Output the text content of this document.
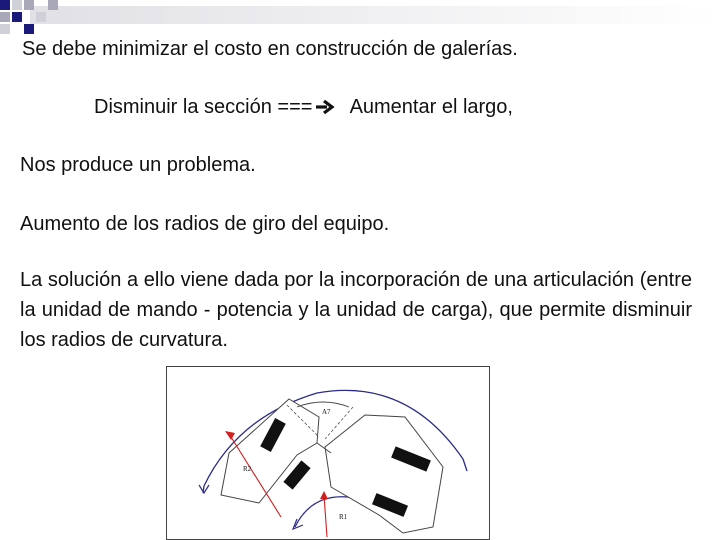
Se debe minimizar el costo en construcción de galerías.
Disminuir la sección === Aumentar el largo,
Nos produce un problema.
Aumento de los radios de giro del equipo.
La solución a ello viene dada por la incorporación de una articulación (entre la unidad de mando - potencia y la unidad de carga), que permite disminuir los radios de curvatura.
A7
R2
R1
